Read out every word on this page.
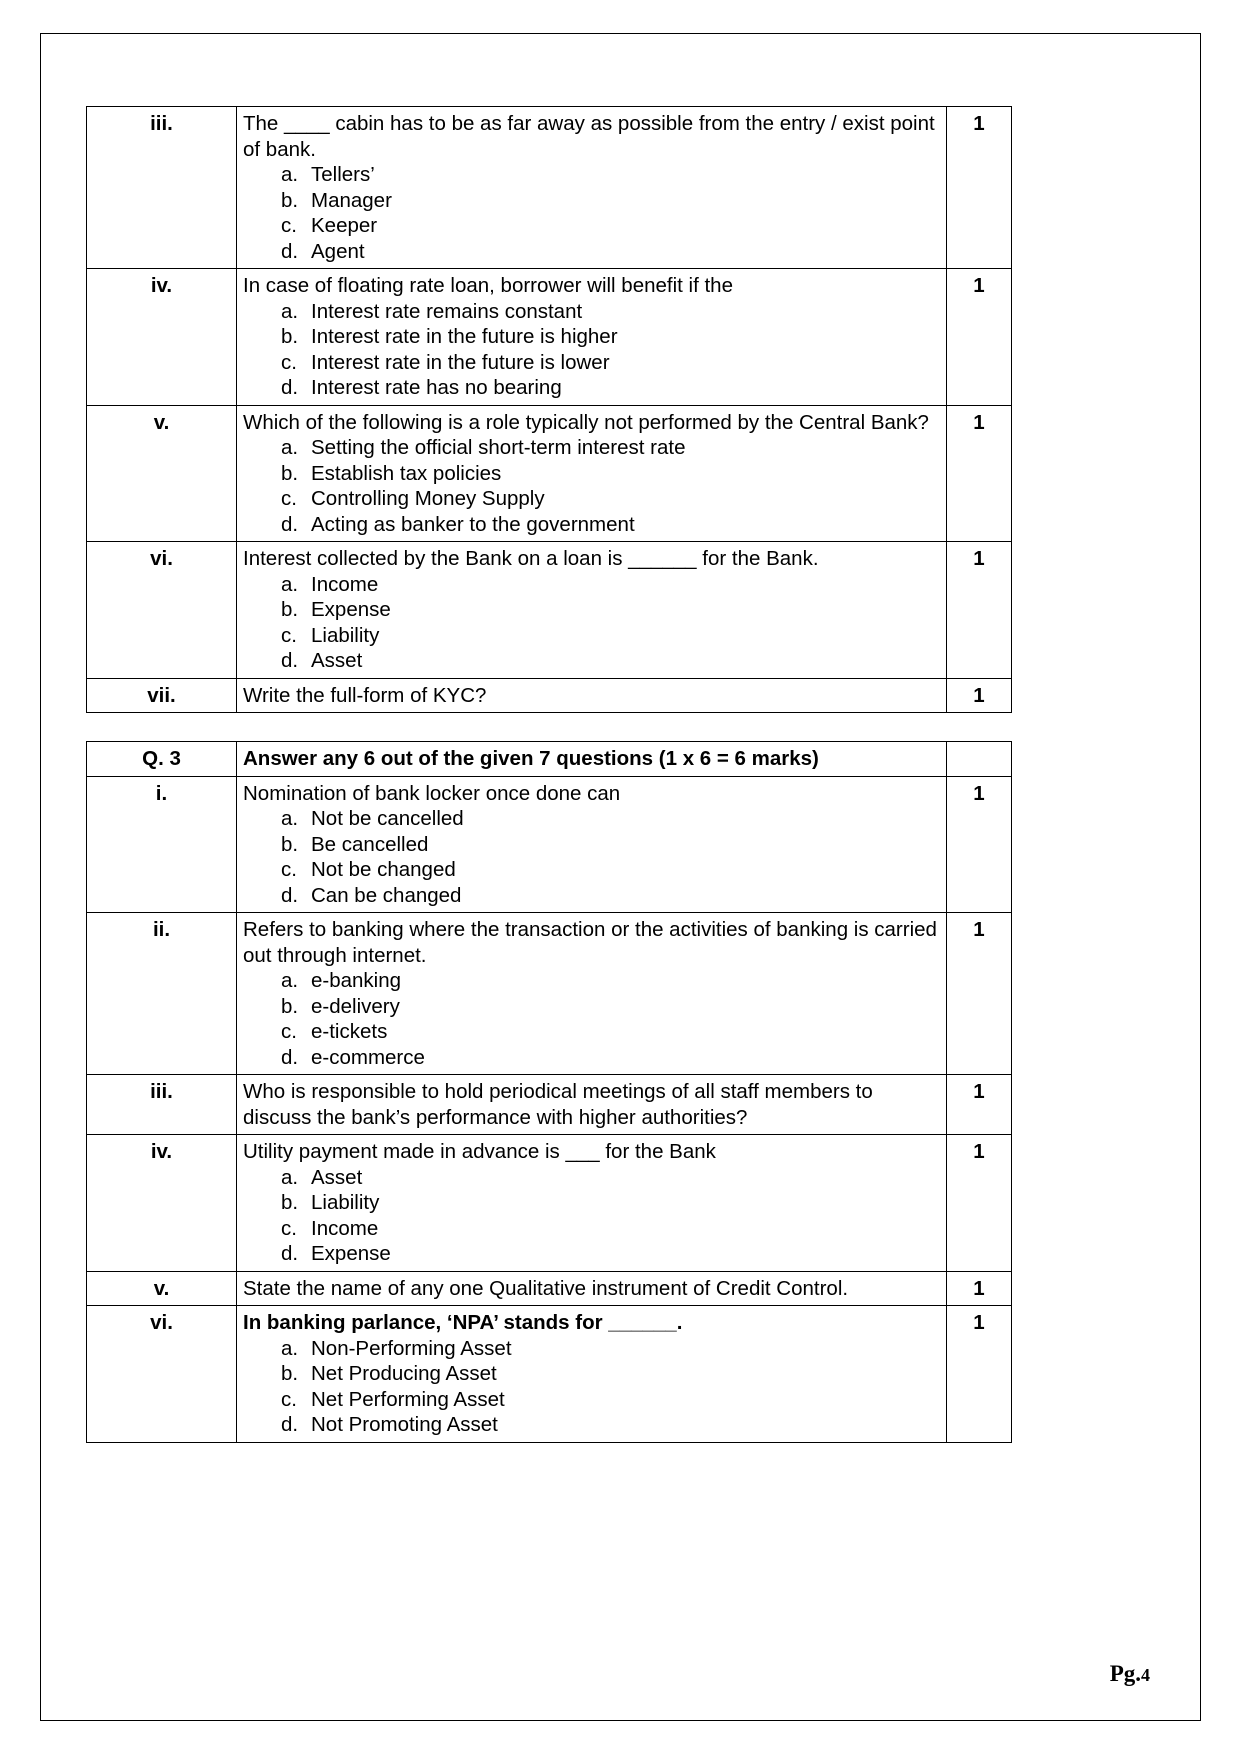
iii.	The ____ cabin has to be as far away as possible from the entry / exist point of bank.
a. Tellers’
b. Manager
c. Keeper
d. Agent
	1
iv.	In case of floating rate loan, borrower will benefit if the
a. Interest rate remains constant
b. Interest rate in the future is higher
c. Interest rate in the future is lower
d. Interest rate has no bearing
	1
v.	Which of the following is a role typically not performed by the Central Bank?
a. Setting the official short-term interest rate
b. Establish tax policies
c. Controlling Money Supply
d. Acting as banker to the government
	1
vi.	Interest collected by the Bank on a loan is ______ for the Bank.
a. Income
b. Expense
c. Liability
d. Asset
	1
vii.	Write the full-form of KYC?	1
Q. 3	Answer any 6 out of the given 7 questions (1 x 6 = 6 marks)	
i.	Nomination of bank locker once done can
a. Not be cancelled
b. Be cancelled
c. Not be changed
d. Can be changed
	1
ii.	Refers to banking where the transaction or the activities of banking is carried out through internet.
a. e-banking
b. e-delivery
c. e-tickets
d. e-commerce
	1
iii.	Who is responsible to hold periodical meetings of all staff members to discuss the bank’s performance with higher authorities?	1
iv.	Utility payment made in advance is ___ for the Bank
a. Asset
b. Liability
c. Income
d. Expense
	1
v.	State the name of any one Qualitative instrument of Credit Control.	1
vi.	In banking parlance, ‘NPA’ stands for ______.
a. Non-Performing Asset
b. Net Producing Asset
c. Net Performing Asset
d. Not Promoting Asset
	1
Pg.4
